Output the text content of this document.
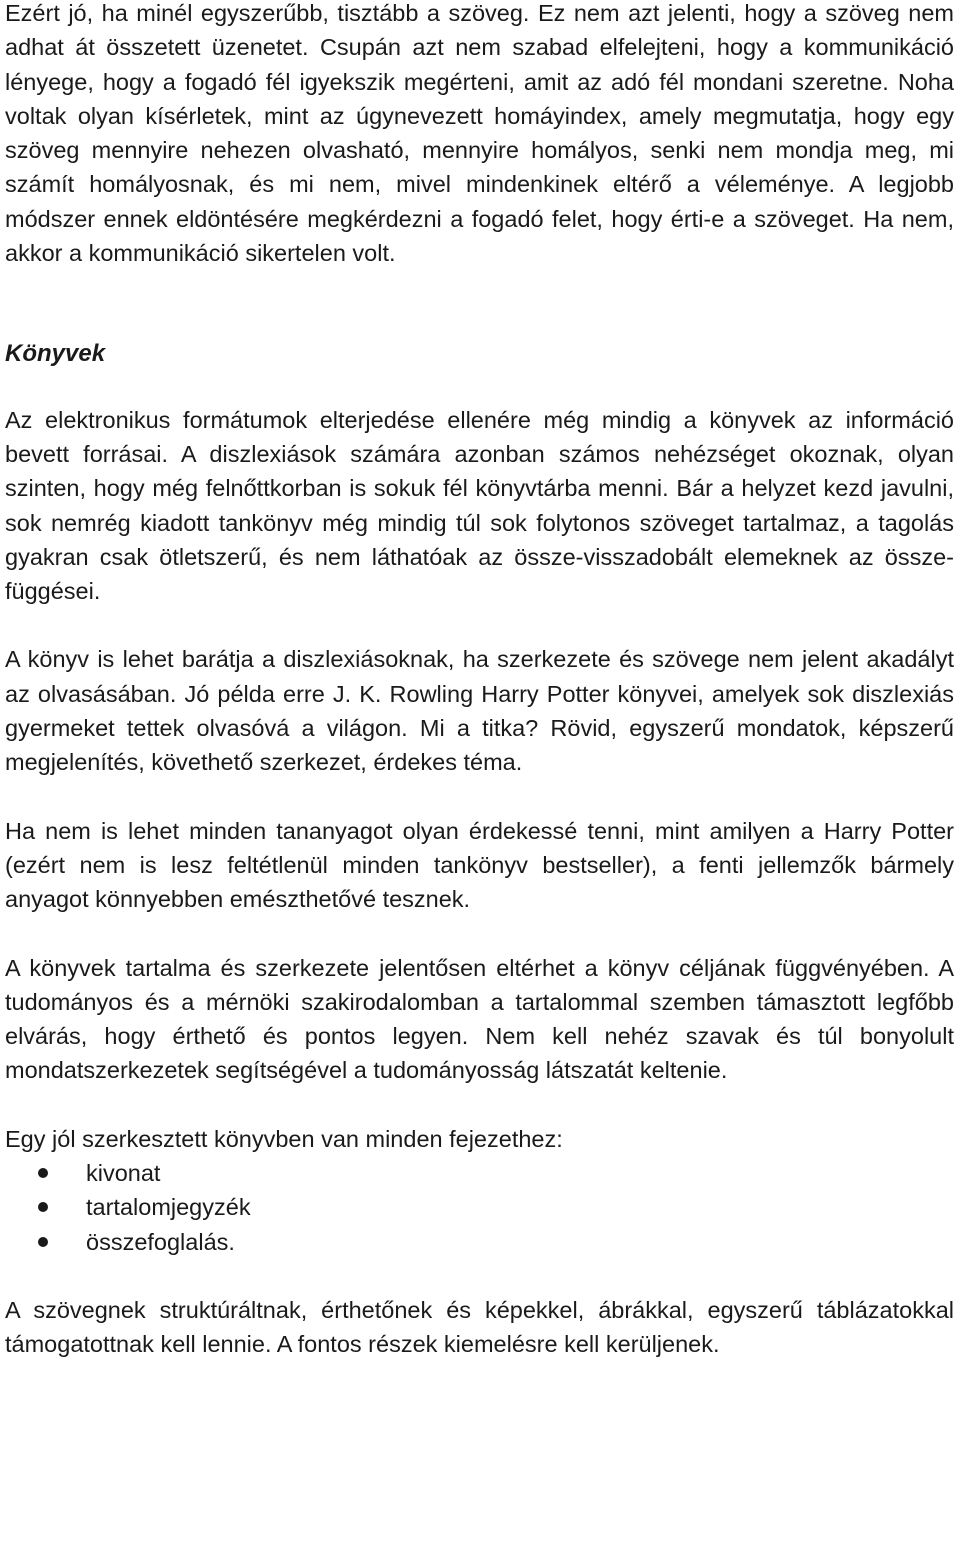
Ezért jó, ha minél egyszerűbb, tisztább a szöveg. Ez nem azt jelenti, hogy a szöveg nem adhat át összetett üzenetet. Csupán azt nem szabad elfelejteni, hogy a kommunikáció lényege, hogy a fogadó fél igyekszik megérteni, amit az adó fél mondani szeretne. Noha voltak olyan kísérletek, mint az úgynevezett homáyindex, amely megmutatja, hogy egy szöveg mennyire nehezen olvasható, mennyire homályos, senki nem mondja meg, mi számít homályosnak, és mi nem, mivel mindenkinek eltérő a véleménye. A legjobb módszer ennek eldöntésére megkérdezni a fogadó felet, hogy érti-e a szöveget. Ha nem, akkor a kommunikáció sikertelen volt.

Könyvek

Az elektronikus formátumok elterjedése ellenére még mindig a könyvek az információ bevett forrásai. A diszlexiások számára azonban számos nehézséget okoznak, olyan szinten, hogy még felnőttkorban is sokuk fél könyvtárba menni. Bár a helyzet kezd javulni, sok nemrég kiadott tankönyv még mindig túl sok folytonos szöveget tartalmaz, a tagolás gyakran csak ötletszerű, és nem láthatóak az össze-visszadobált elemeknek az összefüggései.

A könyv is lehet barátja a diszlexiásoknak, ha szerkezete és szövege nem jelent akadályt az olvasásában. Jó példa erre J. K. Rowling Harry Potter könyvei, amelyek sok diszlexiás gyermeket tettek olvasóvá a világon. Mi a titka? Rövid, egyszerű mondatok, képszerű megjelenítés, követhető szerkezet, érdekes téma.

Ha nem is lehet minden tananyagot olyan érdekessé tenni, mint amilyen a Harry Potter (ezért nem is lesz feltétlenül minden tankönyv bestseller), a fenti jellemzők bármely anyagot könnyebben emészthetővé tesznek.

A könyvek tartalma és szerkezete jelentősen eltérhet a könyv céljának függvényében. A tudományos és a mérnöki szakirodalomban a tartalommal szemben támasztott legfőbb elvárás, hogy érthető és pontos legyen. Nem kell nehéz szavak és túl bonyolult mondatszerkezetek segítségével a tudományosság látszatát keltenie.

Egy jól szerkesztett könyvben van minden fejezethez:

kivonat
tartalomjegyzék
összefoglalás.

A szövegnek struktúráltnak, érthetőnek és képekkel, ábrákkal, egyszerű táblázatokkal támogatottnak kell lennie. A fontos részek kiemelésre kell kerüljenek.
